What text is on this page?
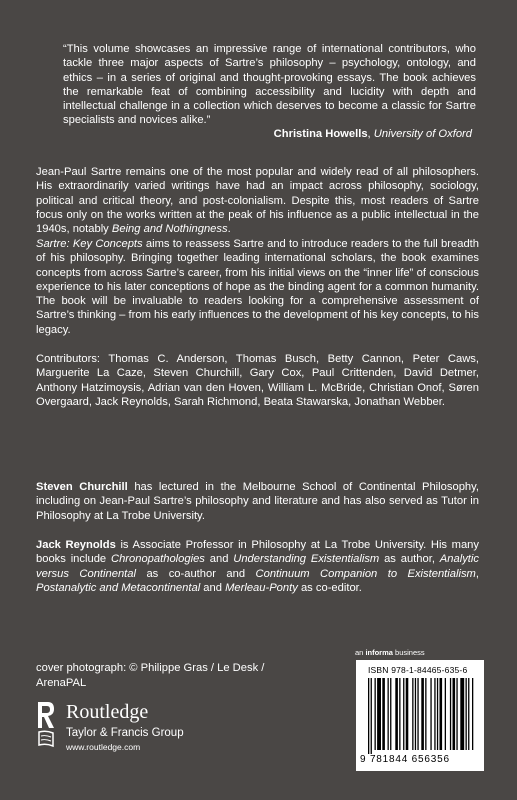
“This volume showcases an impressive range of international contributors, who tackle three major aspects of Sartre’s philosophy – psychology, ontology, and ethics – in a series of original and thought-provoking essays. The book achieves the remarkable feat of combining accessibility and lucidity with depth and intellectual challenge in a collection which deserves to become a classic for Sartre specialists and novices alike.”
Christina Howells, University of Oxford
Jean-Paul Sartre remains one of the most popular and widely read of all philosophers. His extraordinarily varied writings have had an impact across philosophy, sociology, political and critical theory, and post-colonialism. Despite this, most readers of Sartre focus only on the works written at the peak of his influence as a public intellectual in the 1940s, notably Being and Nothingness.
Sartre: Key Concepts aims to reassess Sartre and to introduce readers to the full breadth of his philosophy. Bringing together leading international scholars, the book examines concepts from across Sartre’s career, from his initial views on the “inner life” of conscious experience to his later conceptions of hope as the binding agent for a common humanity. The book will be invaluable to readers looking for a comprehensive assessment of Sartre’s thinking – from his early influences to the development of his key concepts, to his legacy.
Contributors: Thomas C. Anderson, Thomas Busch, Betty Cannon, Peter Caws, Marguerite La Caze, Steven Churchill, Gary Cox, Paul Crittenden, David Detmer, Anthony Hatzimoysis, Adrian van den Hoven, William L. McBride, Christian Onof, Søren Overgaard, Jack Reynolds, Sarah Richmond, Beata Stawarska, Jonathan Webber.
Steven Churchill has lectured in the Melbourne School of Continental Philosophy, including on Jean-Paul Sartre’s philosophy and literature and has also served as Tutor in Philosophy at La Trobe University.
Jack Reynolds is Associate Professor in Philosophy at La Trobe University. His many books include Chronopathologies and Understanding Existentialism as author, Analytic versus Continental as co-author and Continuum Companion to Existentialism, Postanalytic and Metacontinental and Merleau-Ponty as co-editor.
cover photograph: © Philippe Gras / Le Desk /
ArenaPAL
Routledge
Taylor & Francis Group
www.routledge.com
an informa business
ISBN 978-1-84465-635-6
9 781844 656356
